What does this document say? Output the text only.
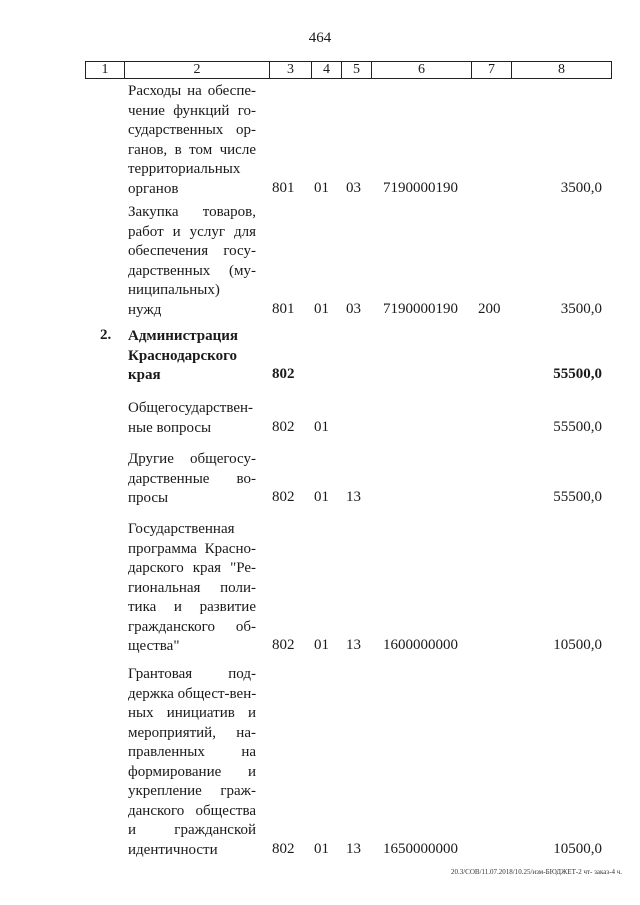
464
1	2	3	4	5	6	7	8
Расходы на обеспе-
чение функций го-
сударственных ор-
ганов, в том числе
территориальных
органов	801 01 03 7190000190	3500,0
Закупка товаров,
работ и услуг для
обеспечения госу-
дарственных (му-
ниципальных)
нужд	801 01 03 7190000190 200	3500,0
2. Администрация
Краснодарского
края	802	55500,0
Общегосударствен-
ные вопросы	802 01	55500,0
Другие общегосу-
дарственные во-
просы	802 01 13	55500,0
Государственная
программа Красно-
дарского края "Ре-
гиональная поли-
тика и развитие
гражданского об-
щества"	802 01 13 1600000000	10500,0
Грантовая под-
держка общест-вен-
ных инициатив и
мероприятий, на-
правленных на
формирование и
укрепление граж-
данского общества
и гражданской
идентичности	802 01 13 1650000000	10500,0
20.3/СОВ/11.07.2018/10.25/изм-БЮДЖЕТ-2 чт- заказ-4 ч.
